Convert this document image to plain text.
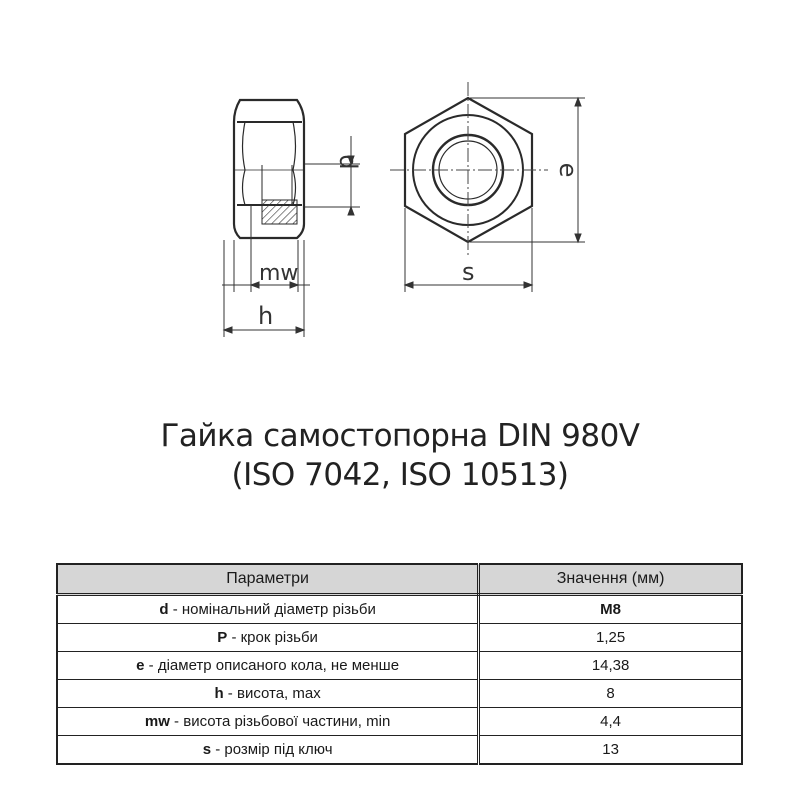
d
mw
h
e
s
Гайка самостопорна DIN 980V
(ISO 7042, ISO 10513)
Параметри	Значення (мм)
d - номінальний діаметр різьби	M8
P - крок різьби	1,25
e - діаметр описаного кола, не менше	14,38
h - висота, max	8
mw - висота різьбової частини, min	4,4
s - розмір під ключ	13
